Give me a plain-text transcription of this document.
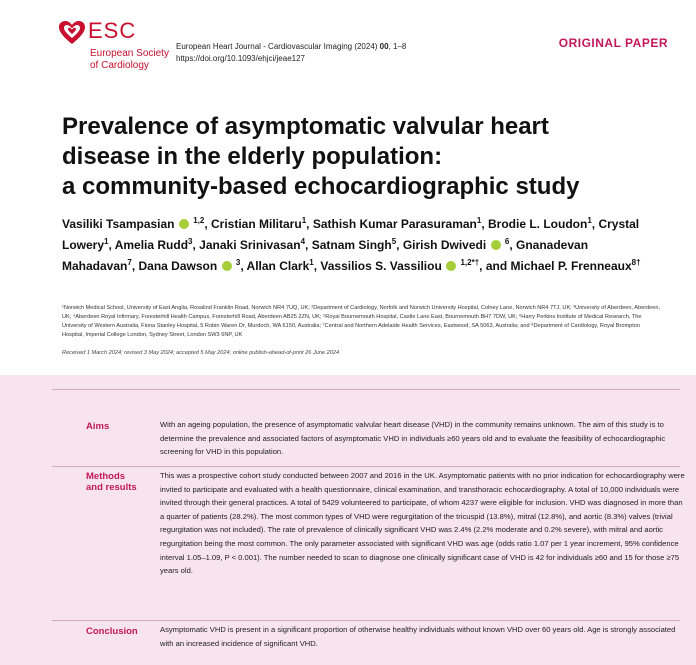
ESC
European Society
of Cardiology
European Heart Journal - Cardiovascular Imaging (2024) 00, 1–8
https://doi.org/10.1093/ehjci/jeae127
ORIGINAL PAPER
Prevalence of asymptomatic valvular heart
disease in the elderly population:
a community-based echocardiographic study
Vasiliki Tsampasian $^{1,2}$, Cristian Militaru$^1$, Sathish Kumar Parasuraman$^1$, Brodie L. Loudon$^1$, Crystal Lowery$^1$, Amelia Rudd$^3$, Janaki Srinivasan$^4$, Satnam Singh$^5$, Girish Dwivedi $^6$, Gnanadevan Mahadavan$^7$, Dana Dawson $^3$, Allan Clark$^1$, Vassilios S. Vassiliou $^{1,2*\dagger}$, and Michael P. Frenneaux$^{8\dagger}$
¹Norwich Medical School, University of East Anglia, Rosalind Franklin Road, Norwich NR4 7UQ, UK; ²Department of Cardiology, Norfolk and Norwich University Hospital, Colney Lane, Norwich NR4 7TJ, UK; ³University of Aberdeen, Aberdeen, UK; ⁴Aberdeen Royal Infirmary, Foresterhill Health Campus, Foresterhill Road, Aberdeen AB25 2ZN, UK; ⁵Royal Bournemouth Hospital, Castle Lane East, Bournemouth BH7 7DW, UK; ⁶Harry Perkins Institute of Medical Research, The University of Western Australia, Fiona Stanley Hospital, 5 Robin Waren Dr, Murdoch, WA 6150, Australia; ⁷Central and Northern Adelaide Health Services, Eastwood, SA 5063, Australia; and ⁸Department of Cardiology, Royal Brompton Hospital, Imperial College London, Sydney Street, London SW3 6NP, UK
Received 1 March 2024; revised 3 May 2024; accepted 5 May 2024; online publish-ahead-of-print 26 June 2024
Aims	With an ageing population, the presence of asymptomatic valvular heart disease (VHD) in the community remains unknown. The aim of this study is to determine the prevalence and associated factors of asymptomatic VHD in individuals ≥60 years old and to evaluate the feasibility of echocardiographic screening for VHD in this population.
Methods
and results
This was a prospective cohort study conducted between 2007 and 2016 in the UK. Asymptomatic patients with no prior indication for echocardiography were invited to participate and evaluated with a health questionnaire, clinical examination, and transthoracic echocardiography. A total of 10,000 individuals were invited through their general practices. A total of 5429 volunteered to participate, of whom 4237 were eligible for inclusion. VHD was diagnosed in more than a quarter of patients (28.2%). The most common types of VHD were regurgitation of the tricuspid (13.8%), mitral (12.8%), and aortic (8.3%) valves (trivial regurgitation was not included). The rate of prevalence of clinically significant VHD was 2.4% (2.2% moderate and 0.2% severe), with mitral and aortic regurgitation being the most common. The only parameter associated with significant VHD was age (odds ratio 1.07 per 1 year increment, 95% confidence interval 1.05–1.09, P < 0.001). The number needed to scan to diagnose one clinically significant case of VHD is 42 for individuals ≥60 and 15 for those ≥75 years old.
Conclusion	Asymptomatic VHD is present in a significant proportion of otherwise healthy individuals without known VHD over 60 years old. Age is strongly associated with an increased incidence of significant VHD.
